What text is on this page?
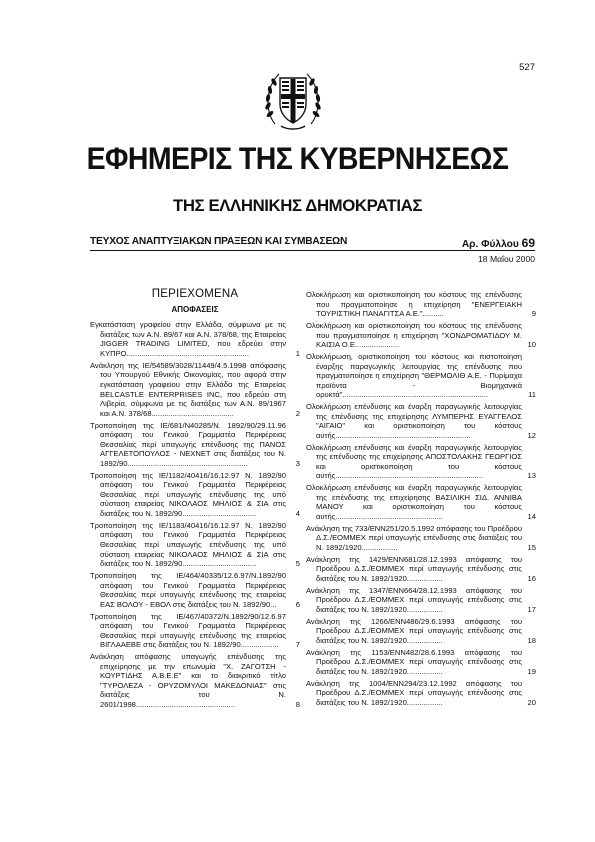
527
ΕΦΗΜΕΡΙΣ ΤΗΣ ΚΥΒΕΡΝΗΣΕΩΣ
ΤΗΣ ΕΛΛΗΝΙΚΗΣ ΔΗΜΟΚΡΑΤΙΑΣ
ΤΕΥΧΟΣ ΑΝΑΠΤΥΞΙΑΚΩΝ ΠΡΑΞΕΩΝ ΚΑΙ ΣΥΜΒΑΣΕΩΝ	Αρ. Φύλλου 69
18 Μαΐου 2000
ΠΕΡΙΕΧΟΜΕΝΑ
ΑΠΟΦΑΣΕΙΣ
Εγκατάσταση γραφείου στην Ελλάδα, σύμφωνα με τις διατάξεις των Α.Ν. 89/67 και Α.Ν. 378/68, της Εταιρείας JIGGER TRADING LIMITED, που εδρεύει στην ΚΥΠΡΟ..........................................................	1
Ανάκληση της ΙΕ/54589/3028/11449/4.5.1998 απόφασης του Υπουργού Εθνικής Οικονομίας, που αφορά στην εγκατάσταση γραφείου στην Ελλάδα της Εταιρείας BELCASTLE ENTERPRISES INC, που εδρεύει στη Λιβερία, σύμφωνα με τις διατάξεις των Α.Ν. 89/1967 και Α.Ν. 378/68.......................................	2
Τροποποίηση της ΙΕ/681/Ν40285/Ν. 1892/90/29.11.96 απόφαση του Γενικού Γραμματέα Περιφέρειας Θεσσαλίας περί υπαγωγής επένδυσης της ΠΑΝΟΣ ΑΓΓΕΛΕΤΟΠΟΥΛΟΣ - ΝΕΧΝΕΤ στις διατάξεις του Ν. 1892/90.........................................................	3
Τροποποίηση της ΙΕ/1182/40416/16.12.97 Ν. 1892/90 απόφαση του Γενικού Γραμματέα Περιφέρειας Θεσσαλίας περί υπαγωγής επένδυσης της υπό σύσταση εταιρείας ΝΙΚΟΛΑΟΣ ΜΗΛΙΟΣ & ΣΙΑ στις διατάξεις του Ν. 1892/90...................................	4
Τροποποίηση της ΙΕ/1183/40416/16.12.97 Ν. 1892/90 απόφαση του Γενικού Γραμματέα Περιφέρειας Θεσσαλίας περί υπαγωγής επένδυσης της υπό σύσταση εταιρείας ΝΙΚΟΛΑΟΣ ΜΗΛΙΟΣ & ΣΙΑ στις διατάξεις του Ν. 1892/90...................................	5
Τροποποίηση της ΙΕ/464/40335/12.6.97/Ν.1892/90 απόφαση του Γενικού Γραμματέα Περιφέρειας Θεσσαλίας περί υπαγωγής επένδυσης της εταιρείας ΕΑΣ ΒΟΛΟΥ - ΕΒΟΛ στις διατάξεις του Ν. 1892/90...	6
Τροποποίηση της ΙΕ/467/40372/Ν.1892/90/12.6.97 απόφαση του Γενικού Γραμματέα Περιφέρειας Θεσσαλίας περί υπαγωγής επένδυσης της εταιρείας ΒΙΓΛΑΑΕΒΕ στις διατάξεις του Ν. 1892/90..................	7
Ανάκληση απόφασης υπαγωγής επένδυσης της επιχείρησης με την επωνυμία "Χ. ΖΑΓΟΤΣΗ - ΚΟΥΡΤΙΔΗΣ Α.Β.Ε.Ε" και το διακριτικό τίτλο "ΤΥΡΟΛΕΖΑ - ΟΡΥΖΟΜΥΛΟΙ ΜΑΚΕΔΟΝΙΑΣ" στις διατάξεις του Ν. 2601/1998...............................................	8
Ολοκλήρωση και οριστικοποίηση του κόστους της επένδυσης που πραγματοποίησε η επιχείρηση "ΕΝΕΡΓΕΙΑΚΗ ΤΟΥΡΙΣΤΙΚΗ ΠΑΝΑΓΙΤΣΑ Α.Ε."..........	9
Ολοκλήρωση και οριστικοποίηση του κόστους της επένδυσης που πραγματοποίησε η επιχείρηση "ΧΟΝΔΡΟΜΑΤΙΔΟΥ Μ. ΚΑΙΣΙΑ Ο.Ε.....................	10
Ολοκλήρωση, οριστικοποίηση του κόστους και πιστοποίηση έναρξης παραγωγικής λειτουργίας της επένδυσης που πραγματοποίησε η επιχείρηση "ΘΕΡΜΟΛΙΘ Α.Ε. - Πυρίμαχα προϊόντα - Βιομηχανικά ορυκτά".....................................................................	11
Ολοκλήρωση επένδυσης και έναρξη παραγωγικής λειτουργίας της επένδυσης της επιχείρησης ΛΥΜΠΕΡΗΣ ΕΥΑΓΓΕΛΟΣ "ΑΙΓΑΙΟ" και οριστικοποίηση του κόστους αυτής................................................................	12
Ολοκλήρωση επένδυσης και έναρξη παραγωγικής λειτουργίας της επένδυσης της επιχείρησης ΑΠΟΣΤΟΛΑΚΗΣ ΓΕΩΡΓΙΟΣ και οριστικοποίηση του κόστους αυτής......................................................................	13
Ολοκλήρωση επένδυσης και έναρξη παραγωγικής λειτουργίας της επένδυσης της επιχείρησης ΒΑΣΙΛΙΚΗ ΣΙΔ. ΑΝΝΙΒΑ ΜΑΝΟΥ και οριστικοποίηση του κόστους αυτής...................................................	14
Ανάκληση της 733/ΕΝΝ251/20.5.1992 απόφασης του Προέδρου Δ.Σ./ΕΟΜΜΕΧ περί υπαγωγής επένδυσης στις διατάξεις του Ν. 1892/1920.................	15
Ανάκληση της 1429/ΕΝΝ681/28.12.1993 απόφασης του Προέδρου Δ.Σ./ΕΟΜΜΕΧ περί υπαγωγής επένδυσης στις διατάξεις του Ν. 1892/1920.................	16
Ανάκληση της 1347/ΕΝΝ664/28.12.1993 απόφασης του Προέδρου Δ.Σ./ΕΟΜΜΕΧ περί υπαγωγής επένδυσης στις διατάξεις του Ν. 1892/1920.................	17
Ανάκληση της 1266/ΕΝΝ486/29.6.1993 απόφασης του Προέδρου Δ.Σ./ΕΟΜΜΕΧ περί υπαγωγής επένδυσης στις διατάξεις του Ν. 1892/1920.................	18
Ανάκληση της 1153/ΕΝΝ482/28.6.1993 απόφασης του Προέδρου Δ.Σ./ΕΟΜΜΕΧ περί υπαγωγής επένδυσης στις διατάξεις του Ν. 1892/1920.................	19
Ανάκληση της 1004/ΕΝΝ294/23.12.1992 απόφασης του Προέδρου Δ.Σ./ΕΟΜΜΕΧ περί υπαγωγής επένδυσης στις διατάξεις του Ν. 1892/1920.................	20
